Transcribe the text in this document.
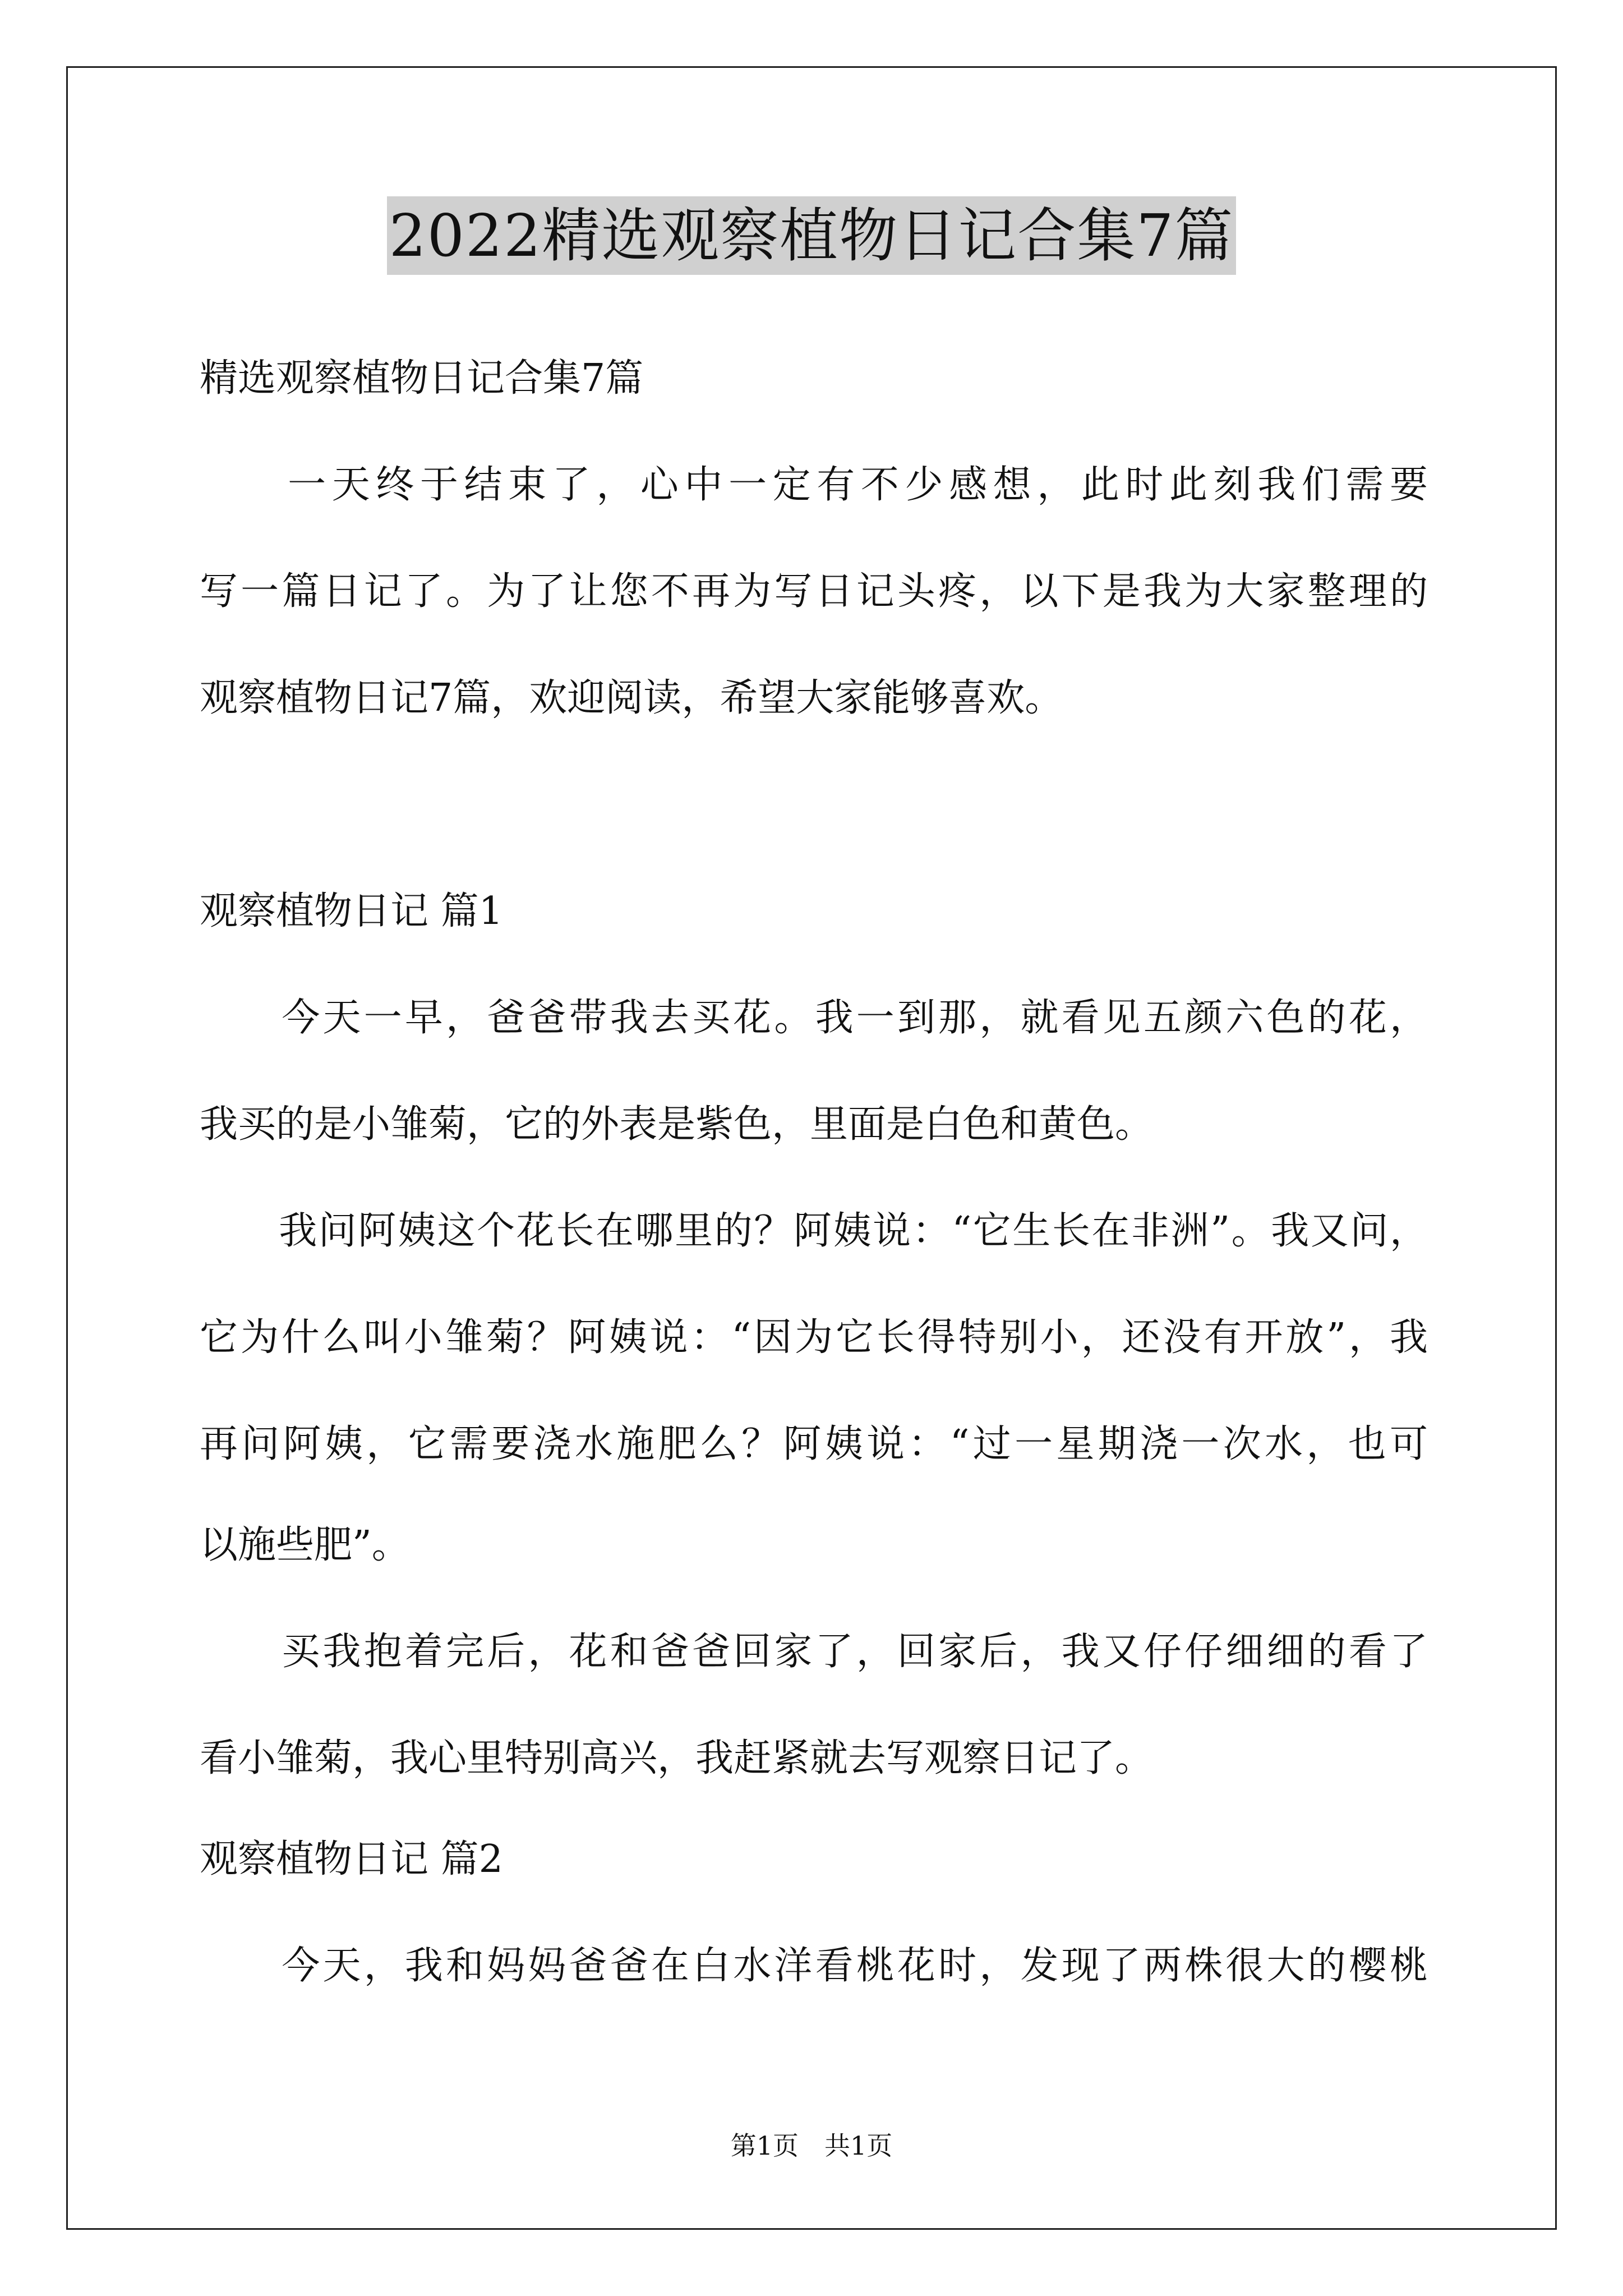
2022精选观察植物日记合集7篇
精选观察植物日记合集7篇
　　一天终于结束了，心中一定有不少感想，此时此刻我们需要
写一篇日记了。为了让您不再为写日记头疼，以下是我为大家整理的
观察植物日记7篇，欢迎阅读，希望大家能够喜欢。
观察植物日记 篇1
　　今天一早，爸爸带我去买花。我一到那，就看见五颜六色的花，
我买的是小雏菊，它的外表是紫色，里面是白色和黄色。
　　我问阿姨这个花长在哪里的？阿姨说：“它生长在非洲”。我又问，
它为什么叫小雏菊？阿姨说：“因为它长得特别小，还没有开放”，我
再问阿姨，它需要浇水施肥么？阿姨说：“过一星期浇一次水，也可
以施些肥”。
　　买我抱着完后，花和爸爸回家了，回家后，我又仔仔细细的看了
看小雏菊，我心里特别高兴，我赶紧就去写观察日记了。
观察植物日记 篇2
　　今天，我和妈妈爸爸在白水洋看桃花时，发现了两株很大的樱桃
第1页　共1页
